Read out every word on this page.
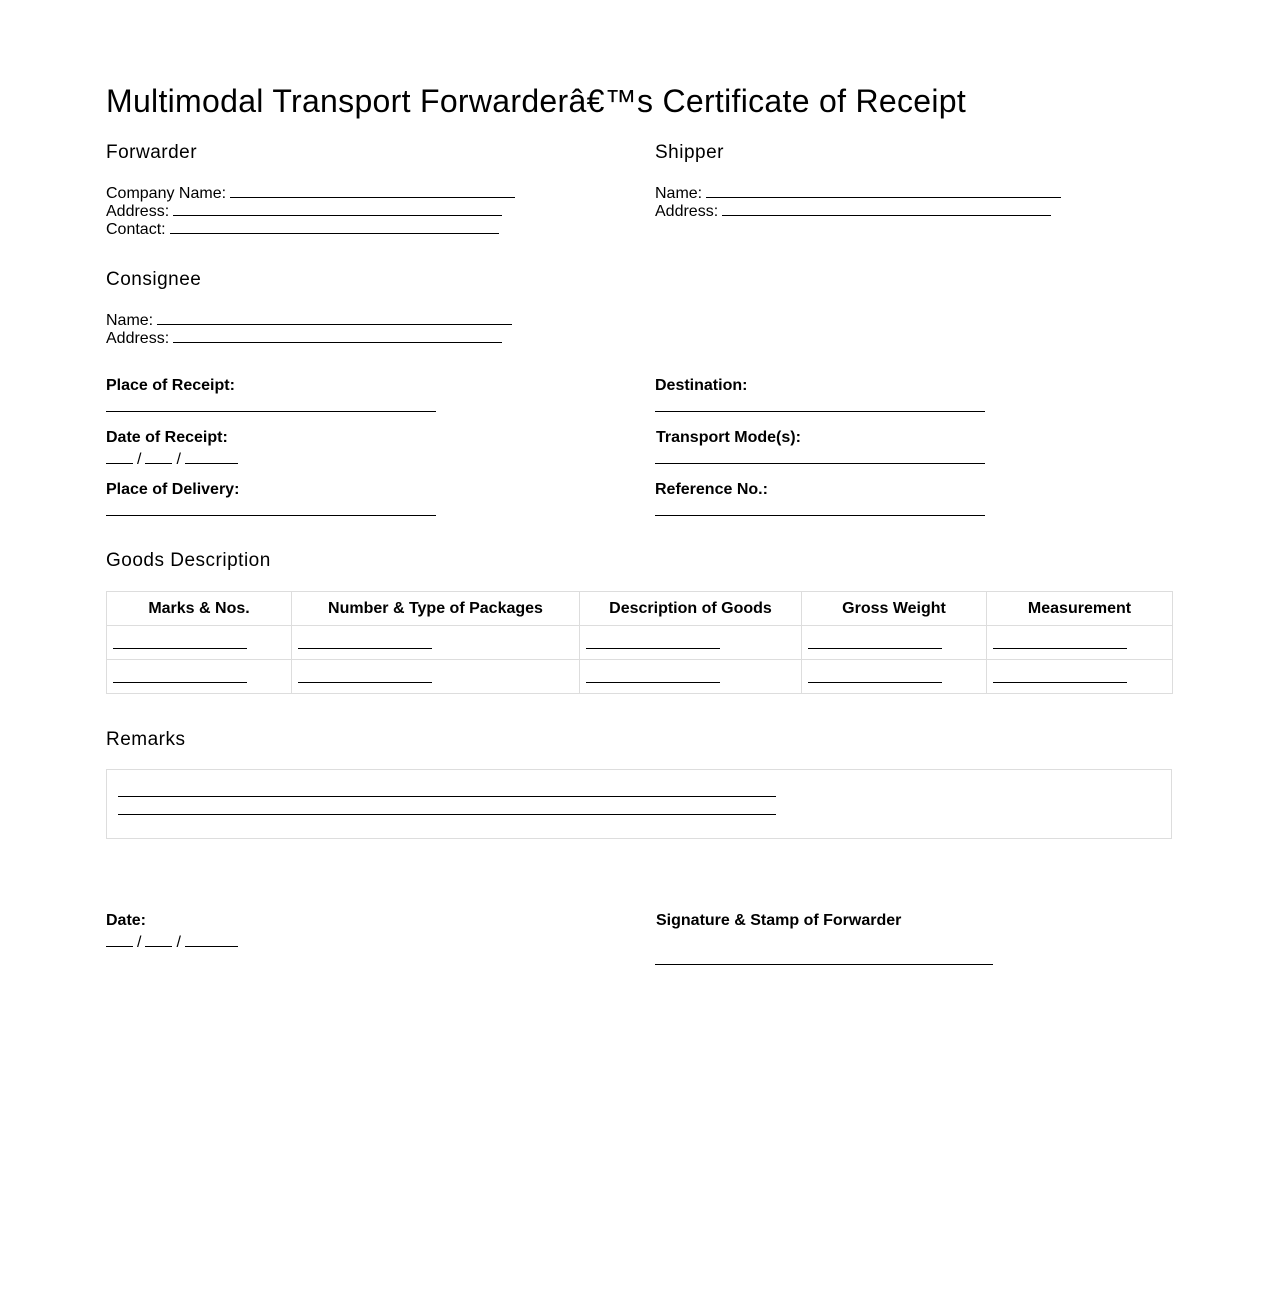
Multimodal Transport Forwarderâ€™s Certificate of Receipt
Forwarder
Company Name:
Address:
Contact:
Shipper
Name:
Address:
Consignee
Name:
Address:
Place of Receipt:
Date of Receipt:
/ /
Place of Delivery:
Destination:
Transport Mode(s):
Reference No.:
Goods Description
Marks & Nos.	Number & Type of Packages	Description of Goods	Gross Weight	Measurement

Remarks
Date:
/ /
Signature & Stamp of Forwarder
